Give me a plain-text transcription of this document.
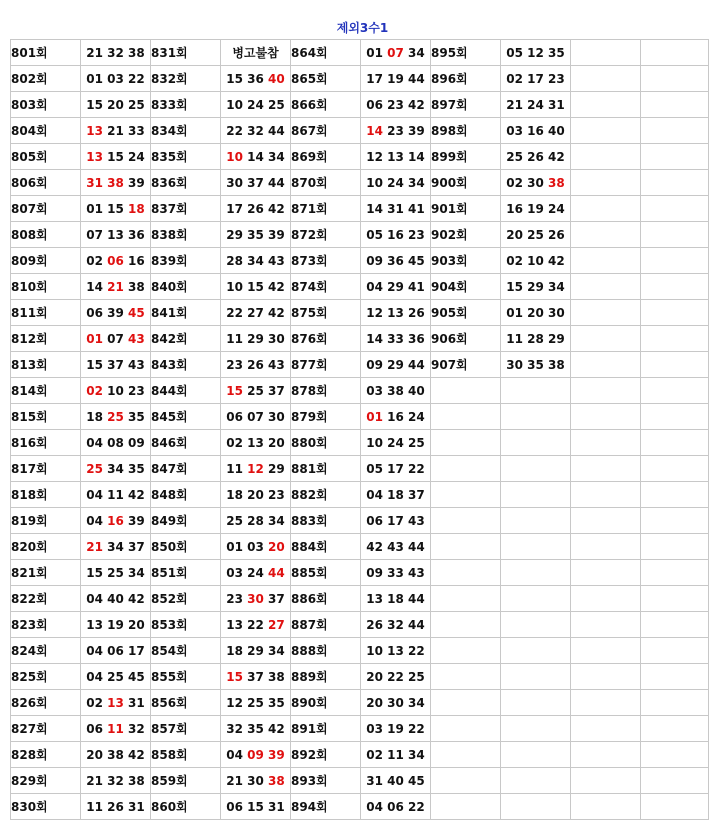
제외3수1
801회	21 32 38	831회	병고불참	864회	01 07 34	895회	05 12 35		
802회	01 03 22	832회	15 36 40	865회	17 19 44	896회	02 17 23		
803회	15 20 25	833회	10 24 25	866회	06 23 42	897회	21 24 31		
804회	13 21 33	834회	22 32 44	867회	14 23 39	898회	03 16 40		
805회	13 15 24	835회	10 14 34	869회	12 13 14	899회	25 26 42		
806회	31 38 39	836회	30 37 44	870회	10 24 34	900회	02 30 38		
807회	01 15 18	837회	17 26 42	871회	14 31 41	901회	16 19 24		
808회	07 13 36	838회	29 35 39	872회	05 16 23	902회	20 25 26		
809회	02 06 16	839회	28 34 43	873회	09 36 45	903회	02 10 42		
810회	14 21 38	840회	10 15 42	874회	04 29 41	904회	15 29 34		
811회	06 39 45	841회	22 27 42	875회	12 13 26	905회	01 20 30		
812회	01 07 43	842회	11 29 30	876회	14 33 36	906회	11 28 29		
813회	15 37 43	843회	23 26 43	877회	09 29 44	907회	30 35 38		
814회	02 10 23	844회	15 25 37	878회	03 38 40				
815회	18 25 35	845회	06 07 30	879회	01 16 24				
816회	04 08 09	846회	02 13 20	880회	10 24 25				
817회	25 34 35	847회	11 12 29	881회	05 17 22				
818회	04 11 42	848회	18 20 23	882회	04 18 37				
819회	04 16 39	849회	25 28 34	883회	06 17 43				
820회	21 34 37	850회	01 03 20	884회	42 43 44				
821회	15 25 34	851회	03 24 44	885회	09 33 43				
822회	04 40 42	852회	23 30 37	886회	13 18 44				
823회	13 19 20	853회	13 22 27	887회	26 32 44				
824회	04 06 17	854회	18 29 34	888회	10 13 22				
825회	04 25 45	855회	15 37 38	889회	20 22 25				
826회	02 13 31	856회	12 25 35	890회	20 30 34				
827회	06 11 32	857회	32 35 42	891회	03 19 22				
828회	20 38 42	858회	04 09 39	892회	02 11 34				
829회	21 32 38	859회	21 30 38	893회	31 40 45				
830회	11 26 31	860회	06 15 31	894회	04 06 22				
